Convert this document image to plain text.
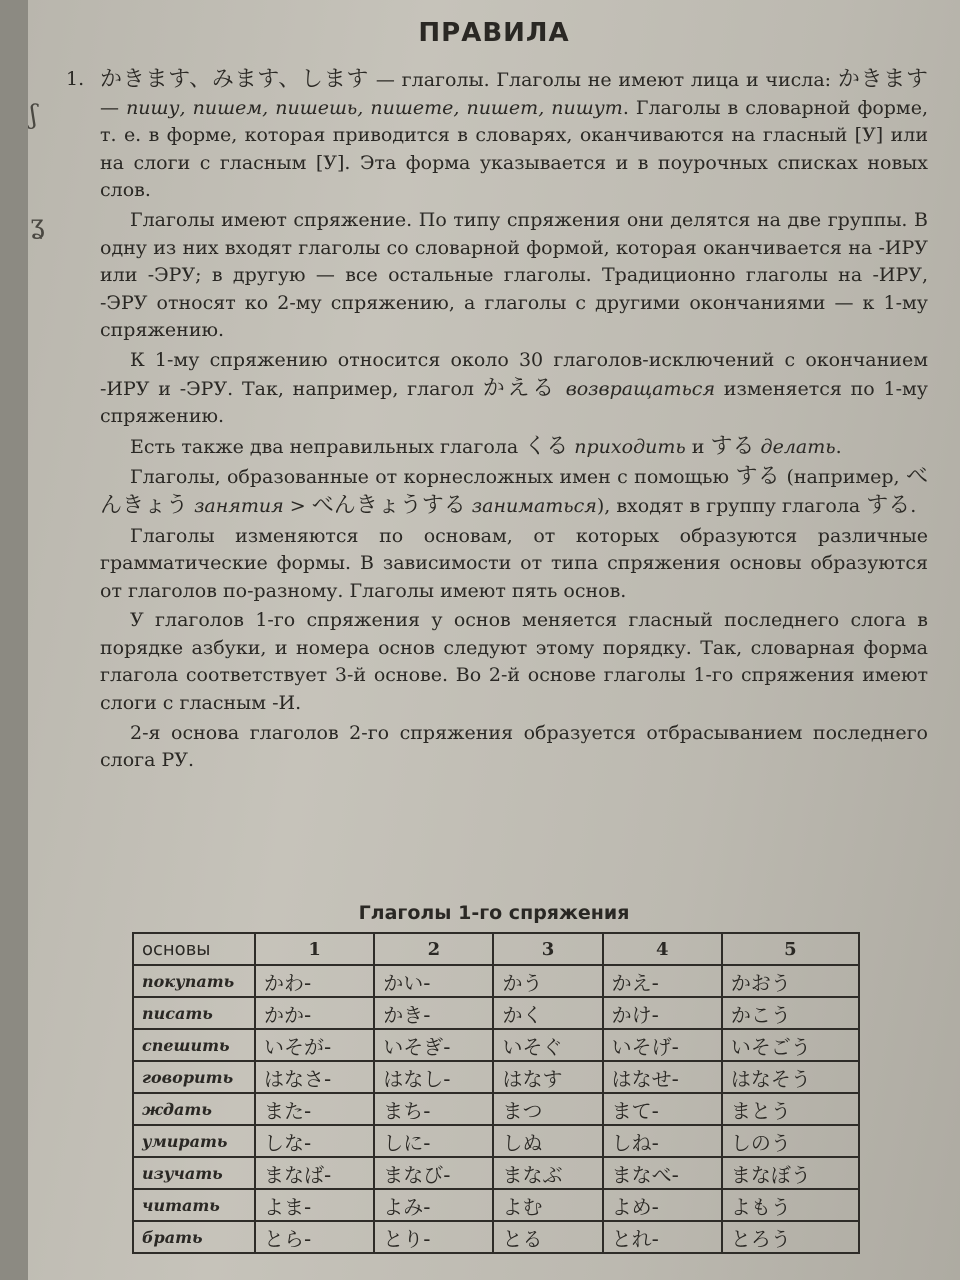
ʃ
ʓ
ПРАВИЛА

1. かきます、みます、します — глаголы. Глаголы не имеют лица и числа: かきます — пишу, пишем, пишешь, пишете, пишет, пишут. Глаголы в словарной форме, т. е. в форме, которая приводится в словарях, оканчиваются на гласный [У] или на слоги с гласным [У]. Эта форма указывается и в поурочных списках новых слов.

Глаголы имеют спряжение. По типу спряжения они делятся на две группы. В одну из них входят глаголы со словарной формой, которая оканчивается на -ИРУ или -ЭРУ; в другую — все остальные глаголы. Традиционно глаголы на -ИРУ, -ЭРУ относят ко 2-му спряжению, а глаголы с другими окончаниями — к 1-му спряжению.

К 1-му спряжению относится около 30 глаголов-исключений с окончанием -ИРУ и -ЭРУ. Так, например, глагол かえる возвращаться изменяется по 1-му спряжению.

Есть также два неправильных глагола くる приходить и する делать.

Глаголы, образованные от корнесложных имен с помощью する (например, べんきょう занятия > べんきょうする заниматься), входят в группу глагола する.

Глаголы изменяются по основам, от которых образуются различные грамматические формы. В зависимости от типа спряжения основы образуются от глаголов по-разному. Глаголы имеют пять основ.

У глаголов 1-го спряжения у основ меняется гласный последнего слога в порядке азбуки, и номера основ следуют этому порядку. Так, словарная форма глагола соответствует 3-й основе. Во 2-й основе глаголы 1-го спряжения имеют слоги с гласным -И.

2-я основа глаголов 2-го спряжения образуется отбрасыванием последнего слога РУ.

Глаголы 1-го спряжения
основы	1	2	3	4	5
покупать	かわ-	かい-	かう	かえ-	かおう
писать	かか-	かき-	かく	かけ-	かこう
спешить	いそが-	いそぎ-	いそぐ	いそげ-	いそごう
говорить	はなさ-	はなし-	はなす	はなせ-	はなそう
ждать	また-	まち-	まつ	まて-	まとう
умирать	しな-	しに-	しぬ	しね-	しのう
изучать	まなば-	まなび-	まなぶ	まなべ-	まなぼう
читать	よま-	よみ-	よむ	よめ-	よもう
брать	とら-	とり-	とる	とれ-	とろう
